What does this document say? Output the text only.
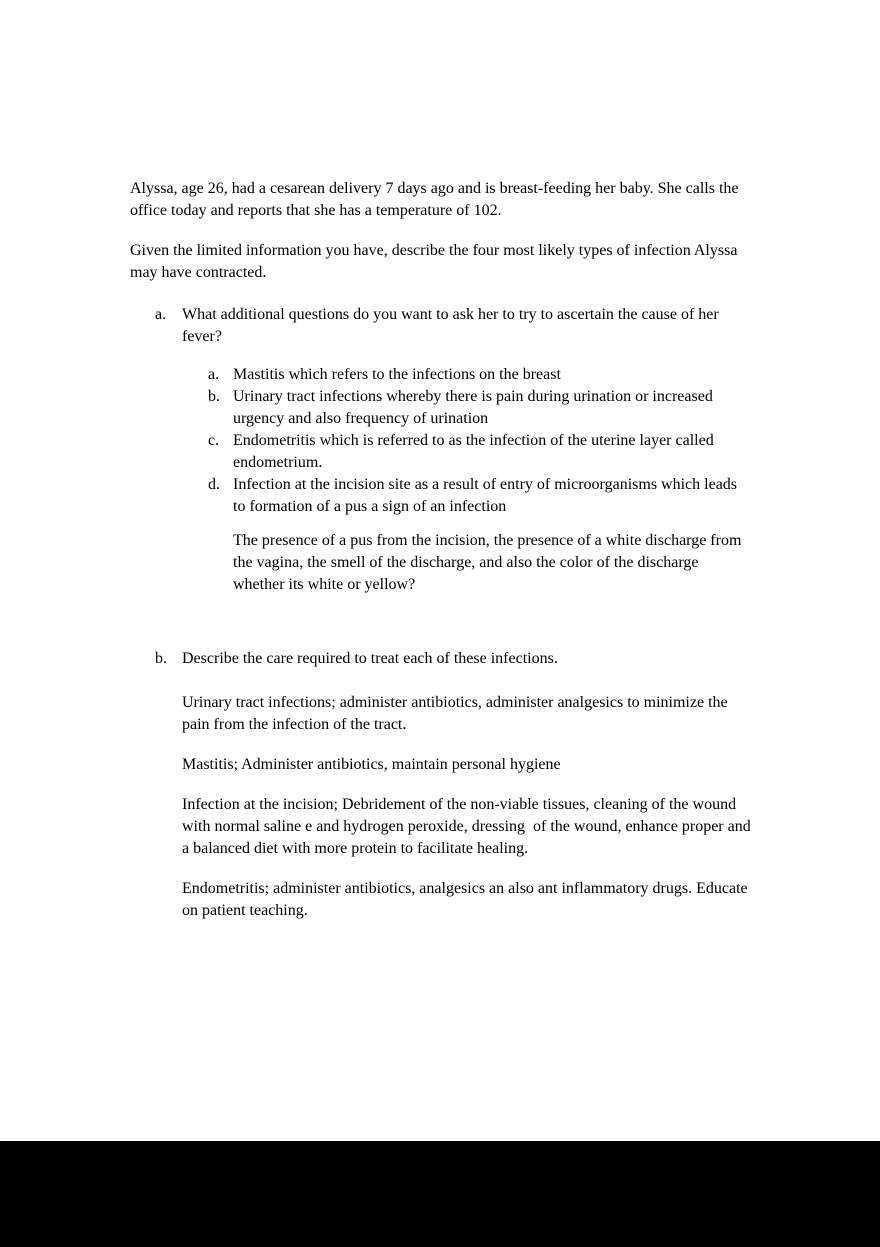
Alyssa, age 26, had a cesarean delivery 7 days ago and is breast-feeding her baby. She calls the office today and reports that she has a temperature of 102.

Given the limited information you have, describe the four most likely types of infection Alyssa may have contracted.

a. What additional questions do you want to ask her to try to ascertain the cause of her fever?
a. Mastitis which refers to the infections on the breast
b. Urinary tract infections whereby there is pain during urination or increased urgency and also frequency of urination
c. Endometritis which is referred to as the infection of the uterine layer called endometrium.
d. Infection at the incision site as a result of entry of microorganisms which leads to formation of a pus a sign of an infection

The presence of a pus from the incision, the presence of a white discharge from the vagina, the smell of the discharge, and also the color of the discharge whether its white or yellow?

b. Describe the care required to treat each of these infections.

Urinary tract infections; administer antibiotics, administer analgesics to minimize the pain from the infection of the tract.

Mastitis; Administer antibiotics, maintain personal hygiene

Infection at the incision; Debridement of the non-viable tissues, cleaning of the wound with normal saline e and hydrogen peroxide, dressing  of the wound, enhance proper and a balanced diet with more protein to facilitate healing.

Endometritis; administer antibiotics, analgesics an also ant inflammatory drugs. Educate on patient teaching.
